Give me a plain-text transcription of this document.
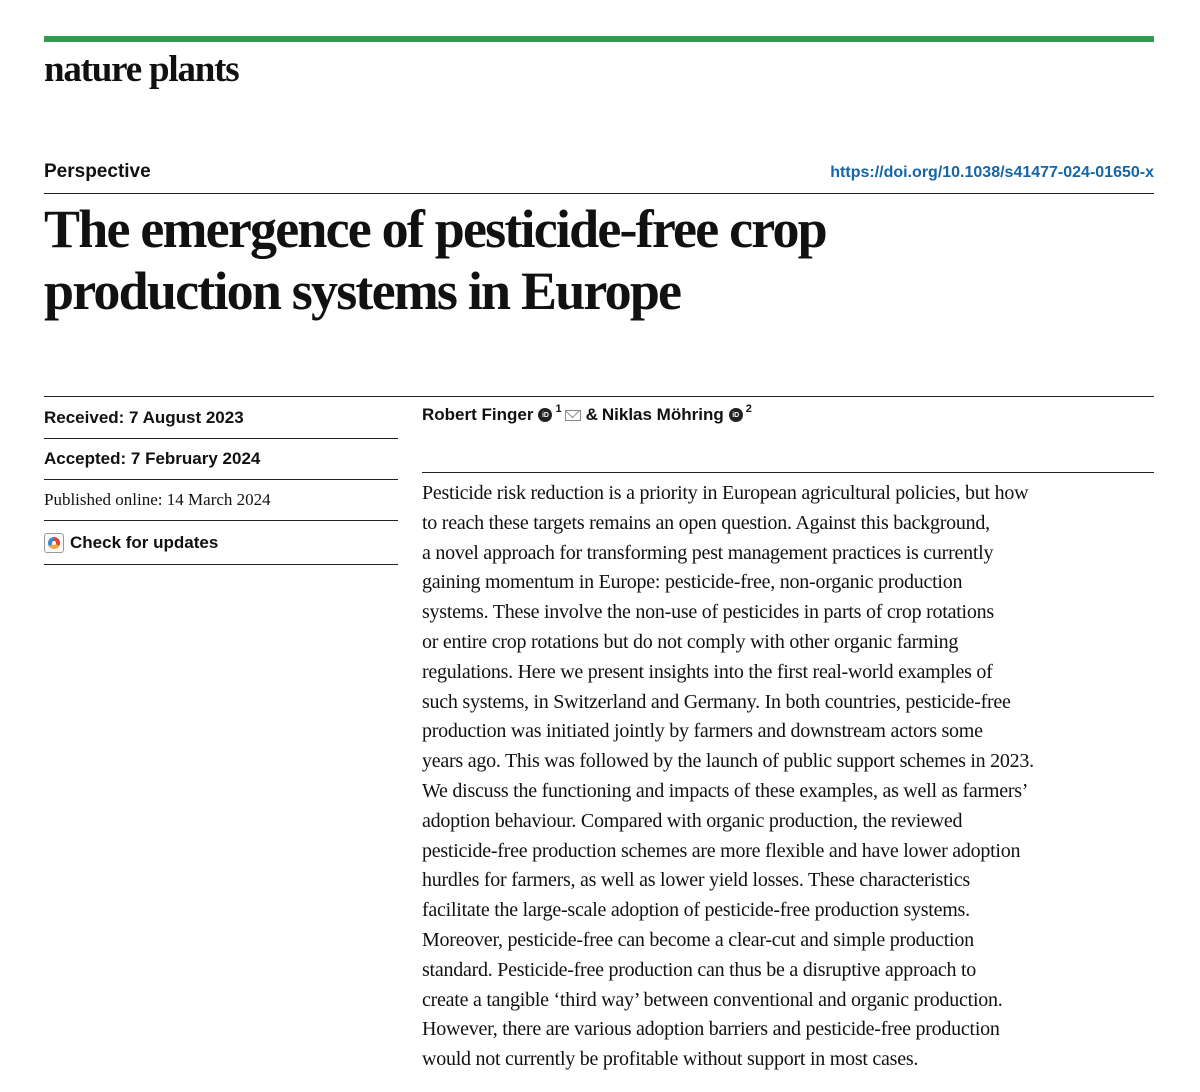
nature plants
Perspective	https://doi.org/10.1038/s41477-024-01650-x
The emergence of pesticide-free crop
production systems in Europe
Received: 7 August 2023
Accepted: 7 February 2024
Published online: 14 March 2024
Check for updates
Robert Finger	iD $^1$ & Niklas Möhring	iD $^2$
Pesticide risk reduction is a priority in European agricultural policies, but how
to reach these targets remains an open question. Against this background,
a novel approach for transforming pest management practices is currently
gaining momentum in Europe: pesticide-free, non-organic production
systems. These involve the non-use of pesticides in parts of crop rotations
or entire crop rotations but do not comply with other organic farming
regulations. Here we present insights into the first real-world examples of
such systems, in Switzerland and Germany. In both countries, pesticide-free
production was initiated jointly by farmers and downstream actors some
years ago. This was followed by the launch of public support schemes in 2023.
We discuss the functioning and impacts of these examples, as well as farmers’
adoption behaviour. Compared with organic production, the reviewed
pesticide-free production schemes are more flexible and have lower adoption
hurdles for farmers, as well as lower yield losses. These characteristics
facilitate the large-scale adoption of pesticide-free production systems.
Moreover, pesticide-free can become a clear-cut and simple production
standard. Pesticide-free production can thus be a disruptive approach to
create a tangible ‘third way’ between conventional and organic production.
However, there are various adoption barriers and pesticide-free production
would not currently be profitable without support in most cases.
